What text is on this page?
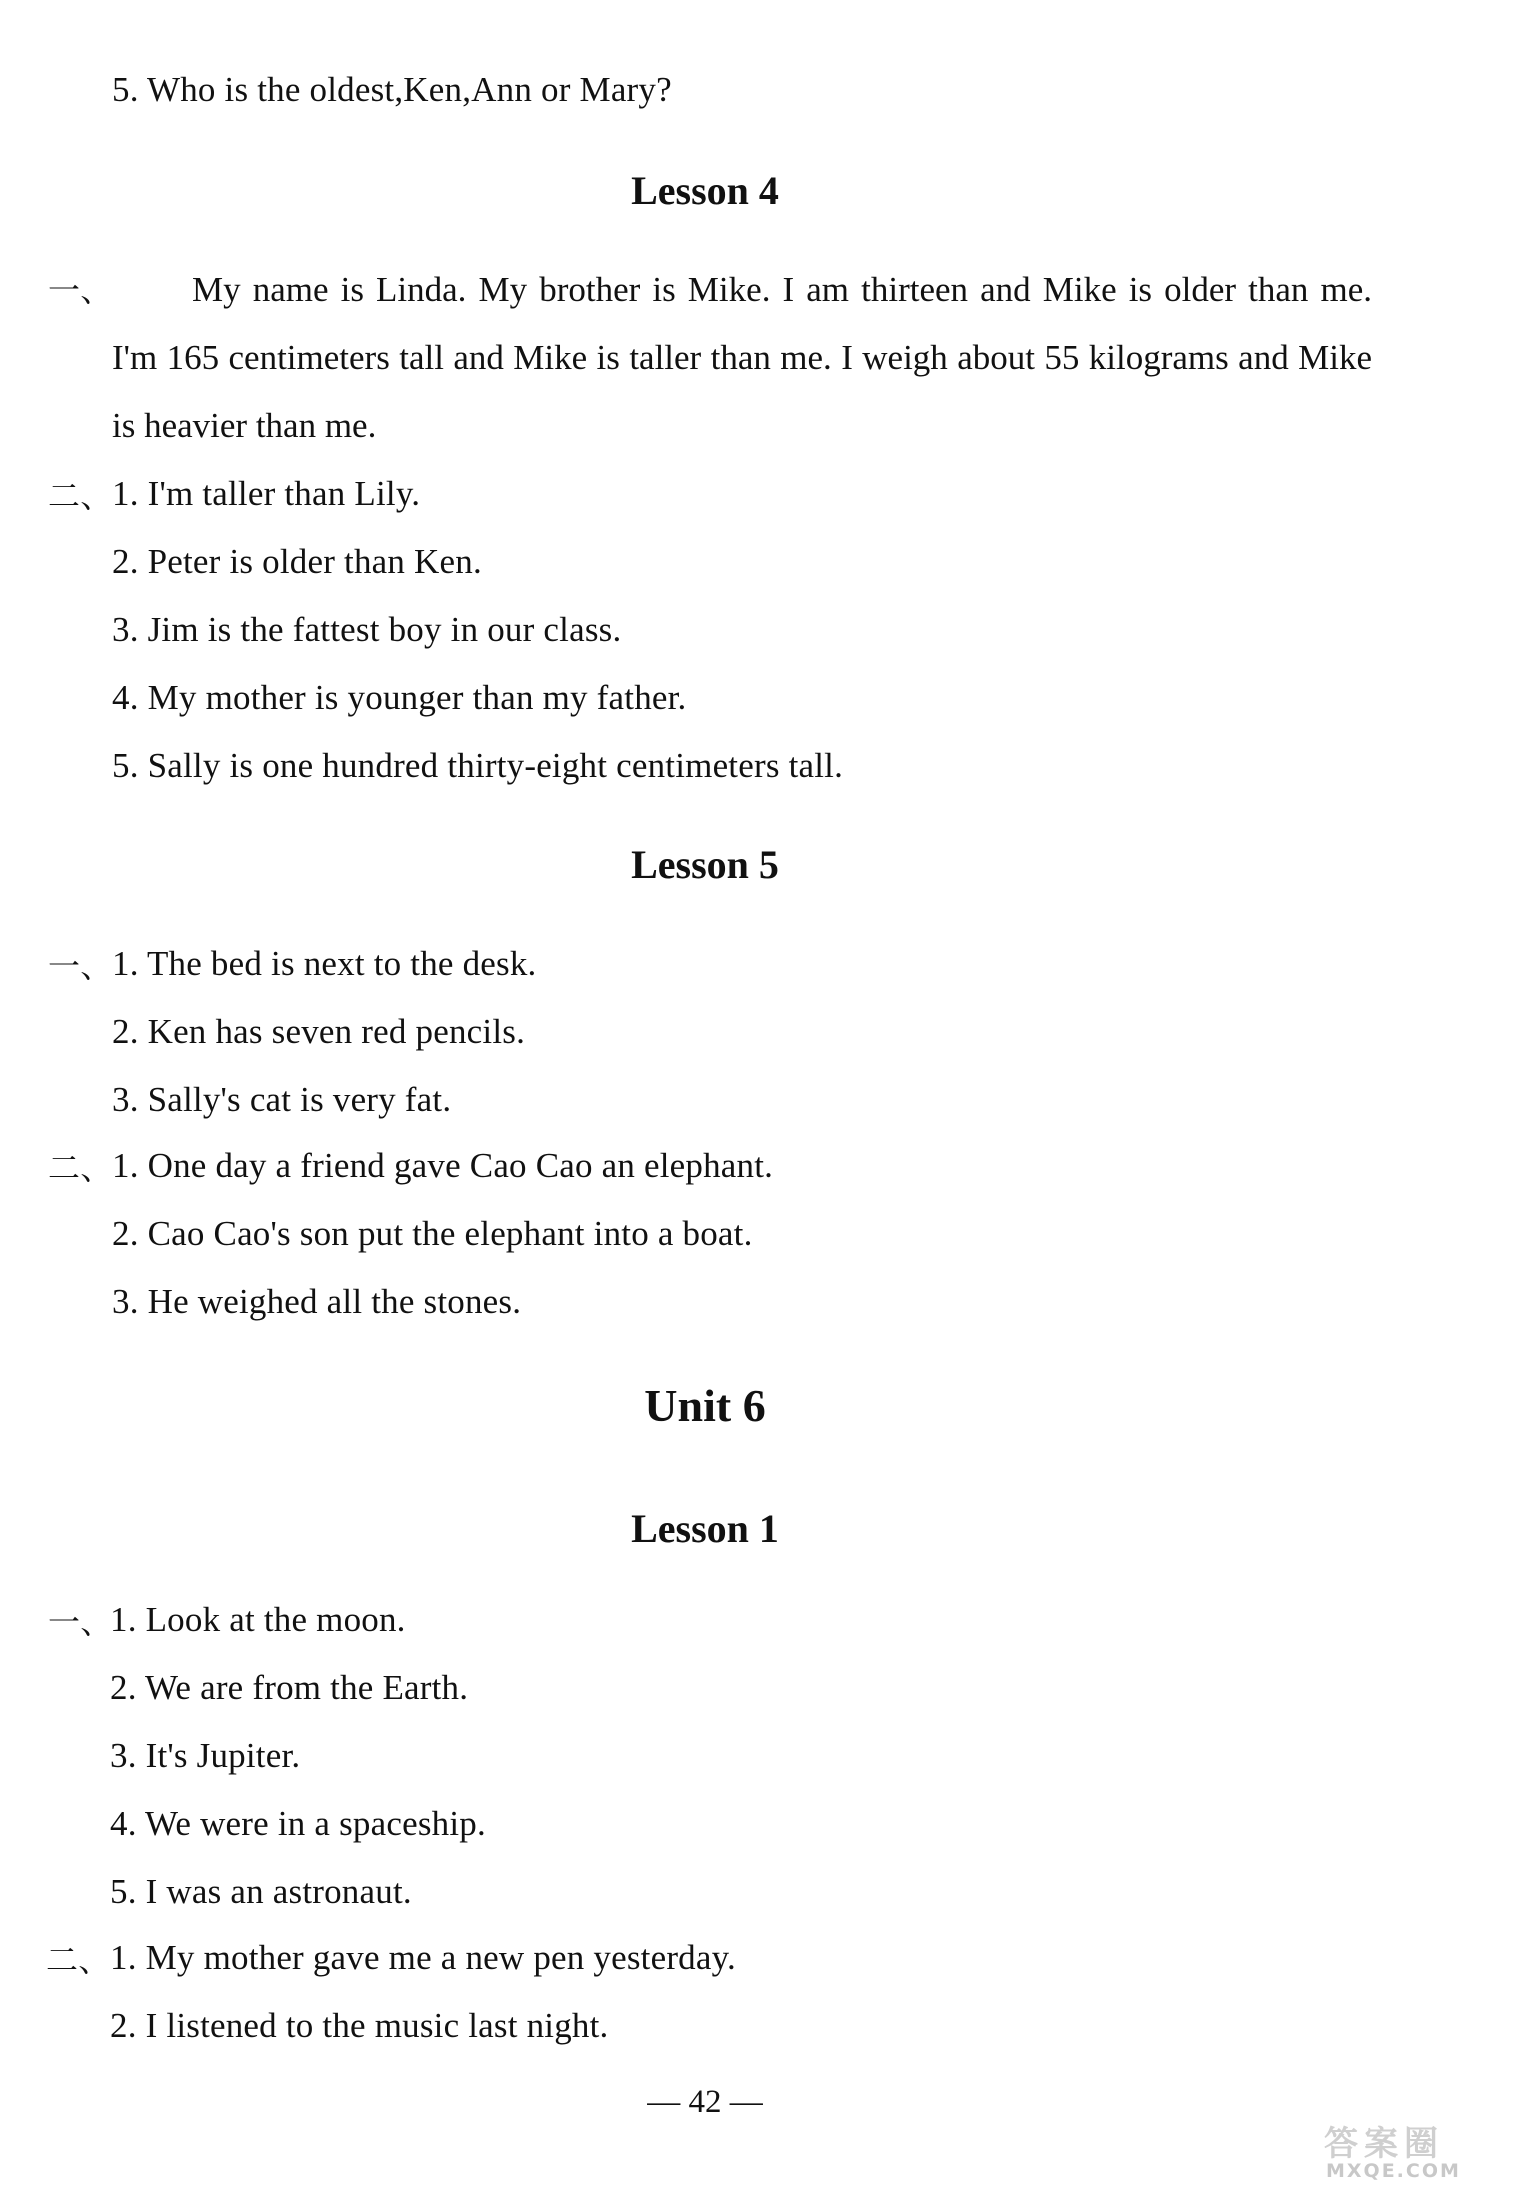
5. Who is the oldest,Ken,Ann or Mary?
Lesson 4
一、	My name is Linda. My brother is Mike. I am thirteen and Mike is older than me. I'm 165 centimeters tall and Mike is taller than me. I weigh about 55 kilograms and Mike is heavier than me.
二、 1. I'm taller than Lily.
2. Peter is older than Ken.
3. Jim is the fattest boy in our class.
4. My mother is younger than my father.
5. Sally is one hundred thirty-eight centimeters tall.
Lesson 5
一、 1. The bed is next to the desk.
2. Ken has seven red pencils.
3. Sally's cat is very fat.
二、 1. One day a friend gave Cao Cao an elephant.
2. Cao Cao's son put the elephant into a boat.
3. He weighed all the stones.
Unit 6
Lesson 1
一、
1. Look at the moon.
2. We are from the Earth.
3. It's Jupiter.
4. We were in a spaceship.
5. I was an astronaut.
二、 1. My mother gave me a new pen yesterday.
2. I listened to the music last night.
— 42 —
答案圈
MXQE.COM
